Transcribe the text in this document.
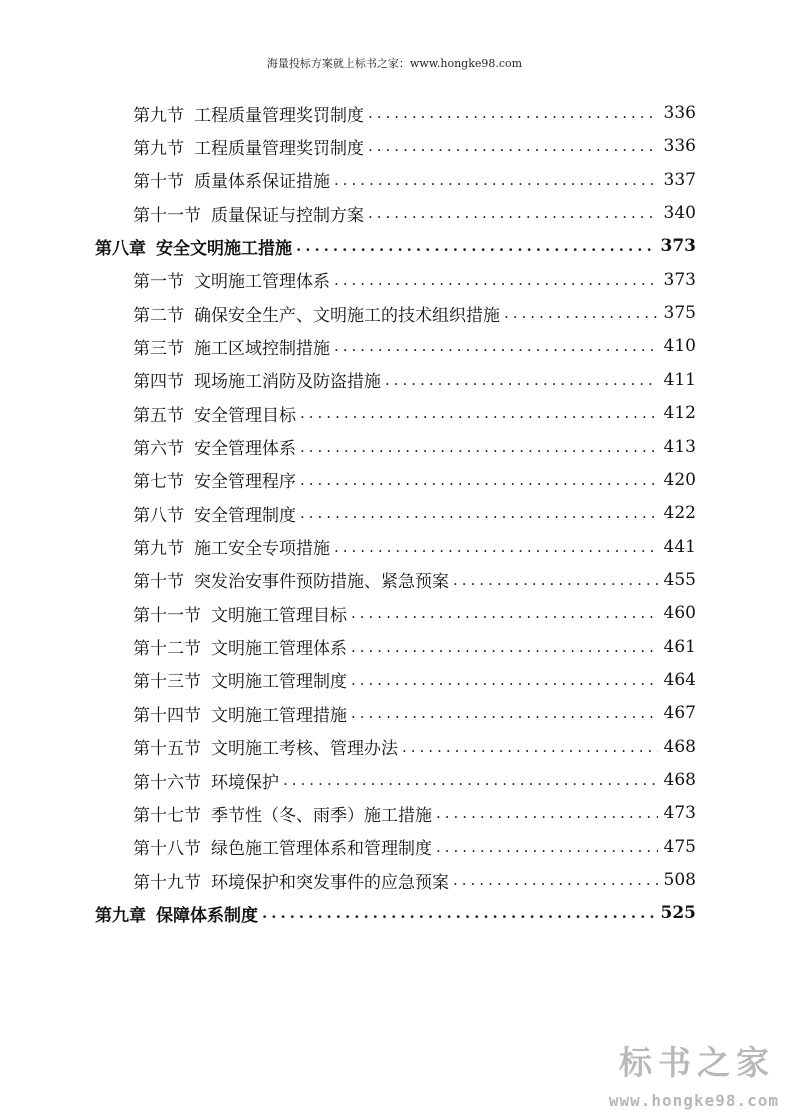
海量投标方案就上标书之家：www.hongke98.com
第九节 工程质量管理奖罚制度 .....	336
第九节 工程质量管理奖罚制度 .....	336
第十节 质量体系保证措施 .....	337
第十一节 质量保证与控制方案 .....	340
第八章 安全文明施工措施 .....	373
第一节 文明施工管理体系 .....	373
第二节 确保安全生产、文明施工的技术组织措施 .....	375
第三节 施工区域控制措施 .....	410
第四节 现场施工消防及防盗措施 .....	411
第五节 安全管理目标 .....	412
第六节 安全管理体系 .....	413
第七节 安全管理程序 .....	420
第八节 安全管理制度 .....	422
第九节 施工安全专项措施 .....	441
第十节 突发治安事件预防措施、紧急预案 .....	455
第十一节 文明施工管理目标 .....	460
第十二节 文明施工管理体系 .....	461
第十三节 文明施工管理制度 .....	464
第十四节 文明施工管理措施 .....	467
第十五节 文明施工考核、管理办法 .....	468
第十六节 环境保护 .....	468
第十七节 季节性（冬、雨季）施工措施 .....	473
第十八节 绿色施工管理体系和管理制度 .....	475
第十九节 环境保护和突发事件的应急预案 .....	508
第九章 保障体系制度 .....	525
标书之家
www.hongke98.com
